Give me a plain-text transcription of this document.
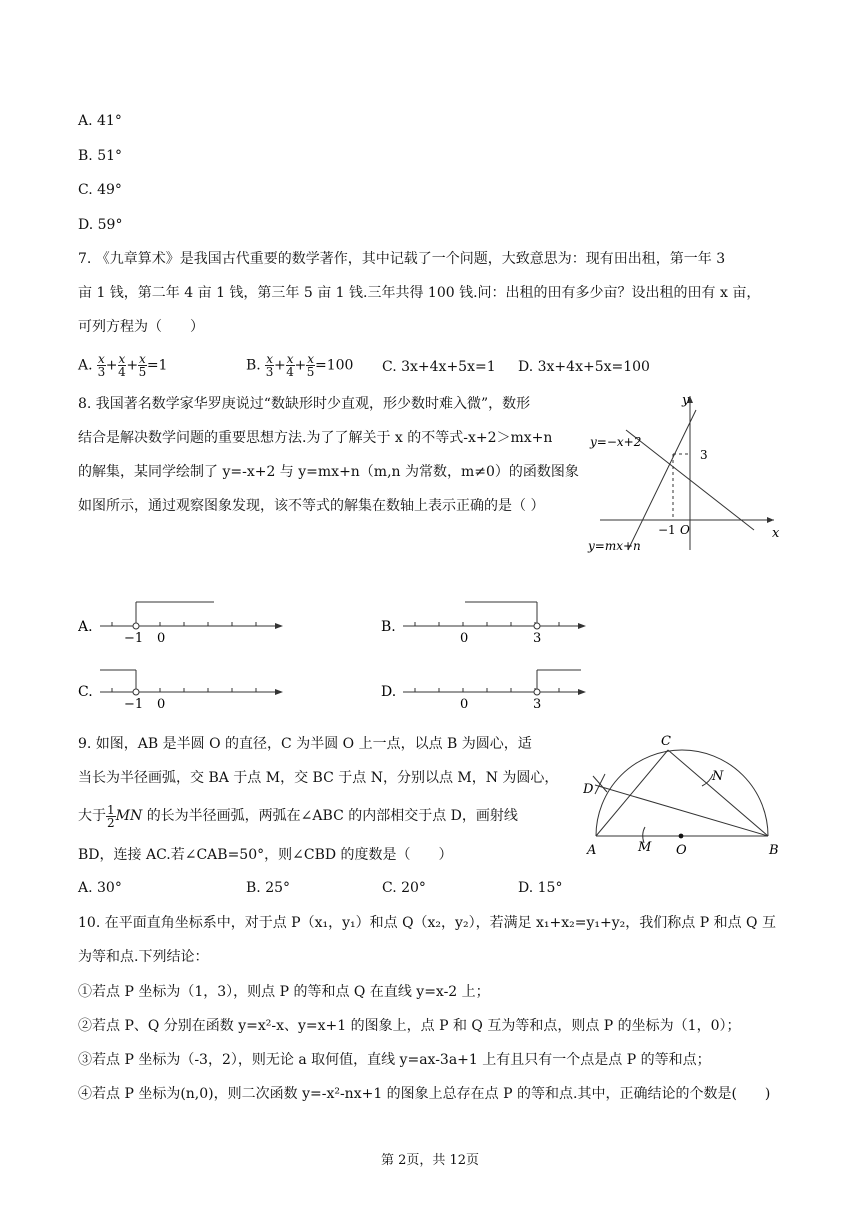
A. 41°
B. 51°
C. 49°
D. 59°
7. 《九章算术》是我国古代重要的数学著作，其中记载了一个问题，大致意思为：现有田出租，第一年 3
亩 1 钱，第二年 4 亩 1 钱，第三年 5 亩 1 钱.三年共得 100 钱.问：出租的田有多少亩？设出租的田有 x 亩，
可列方程为（　　）
A. $\frac{x}{3} + \frac{x}{4} + \frac{x}{5} =1$	B. $\frac{x}{3} + \frac{x}{4} + \frac{x}{5} =100$ C. 3x+4x+5x=1 D. 3x+4x+5x=100
8. 我国著名数学家华罗庚说过“数缺形时少直观，形少数时难入微”，数形
结合是解决数学问题的重要思想方法.为了了解关于 x 的不等式-x+2＞mx+n
的解集，某同学绘制了 y=-x+2 与 y=mx+n（m,n 为常数，m≠0）的函数图象
如图所示，通过观察图象发现，该不等式的解集在数轴上表示正确的是（ ）
y
x
y=−x+2
y=mx+n
3
−1 O
A.
−1 0
B.
0	3
C.
−1 0
D.
0	3
9. 如图，AB 是半圆 O 的直径，C 为半圆 O 上一点，以点 B 为圆心，适
当长为半径画弧，交 BA 于点 M，交 BC 于点 N，分别以点 M，N 为圆心，
大于 $\frac{1}{2}$ MN 的长为半径画弧，两弧在∠ABC 的内部相交于点 D，画射线
BD，连接 AC.若∠CAB=50°，则∠CBD 的度数是（　　）
A. 30°	B. 25°	C. 20°	D. 15°
A	B
C
D
M
N
O
10. 在平面直角坐标系中，对于点 P（x₁，y₁）和点 Q（x₂，y₂），若满足 x₁+x₂=y₁+y₂，我们称点 P 和点 Q 互
为等和点.下列结论：
①若点 P 坐标为（1，3），则点 P 的等和点 Q 在直线 y=x-2 上；
②若点 P、Q 分别在函数 y=x²-x、y=x+1 的图象上，点 P 和 Q 互为等和点，则点 P 的坐标为（1，0）；
③若点 P 坐标为（-3，2），则无论 a 取何值，直线 y=ax-3a+1 上有且只有一个点是点 P 的等和点；
④若点 P 坐标为(n,0)，则二次函数 y=-x²-nx+1 的图象上总存在点 P 的等和点.其中，正确结论的个数是(　　)
第 2页，共 12页
